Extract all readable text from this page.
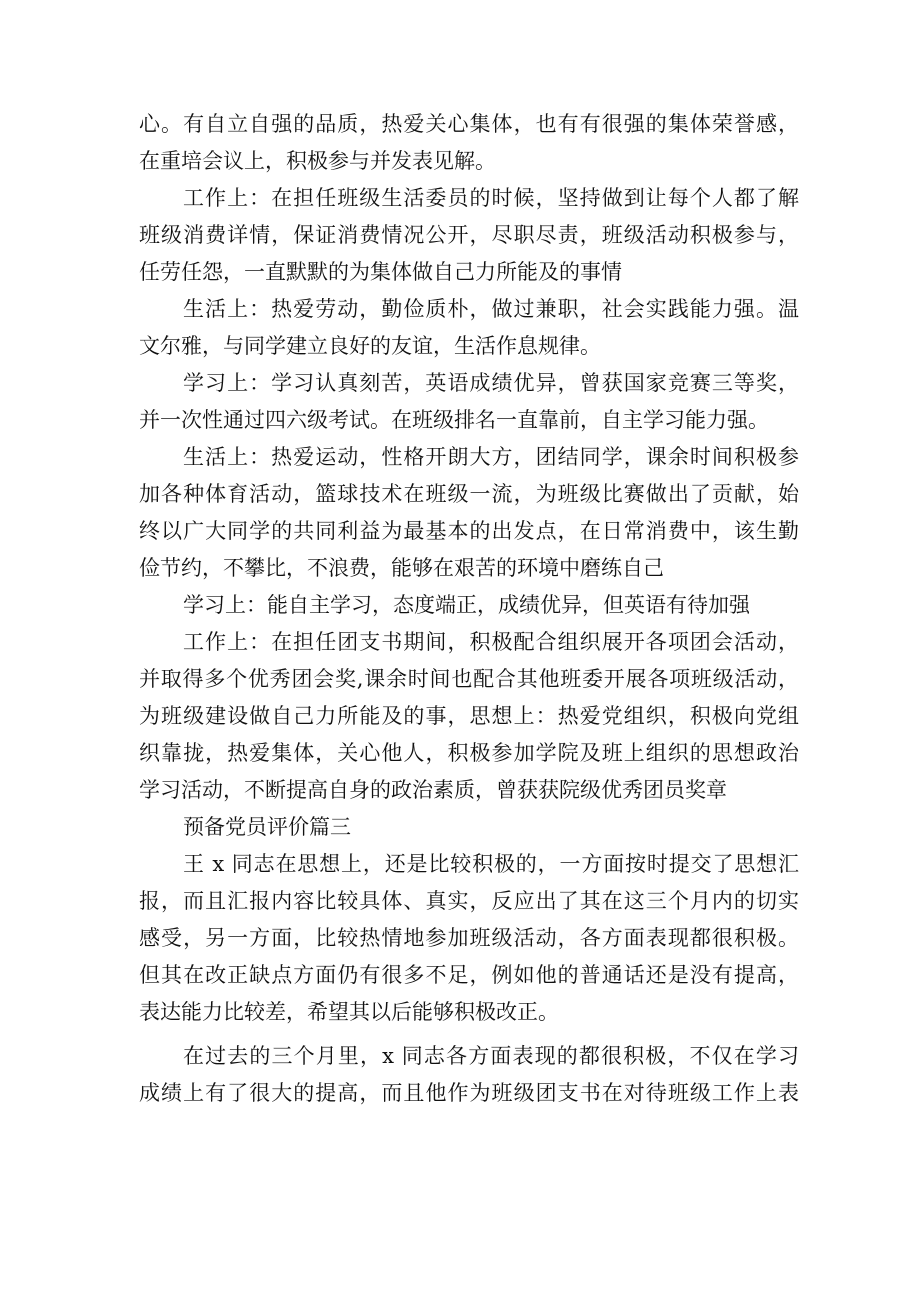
心。有自立自强的品质，热爱关心集体，也有有很强的集体荣誉感，
在重培会议上，积极参与并发表见解。
工作上：在担任班级生活委员的时候，坚持做到让每个人都了解
班级消费详情，保证消费情况公开，尽职尽责，班级活动积极参与，
任劳任怨，一直默默的为集体做自己力所能及的事情
生活上：热爱劳动，勤俭质朴，做过兼职，社会实践能力强。温
文尔雅，与同学建立良好的友谊，生活作息规律。
学习上：学习认真刻苦，英语成绩优异，曾获国家竞赛三等奖，
并一次性通过四六级考试。在班级排名一直靠前，自主学习能力强。
生活上：热爱运动，性格开朗大方，团结同学，课余时间积极参
加各种体育活动，篮球技术在班级一流，为班级比赛做出了贡献，始
终以广大同学的共同利益为最基本的出发点，在日常消费中，该生勤
俭节约，不攀比，不浪费，能够在艰苦的环境中磨练自己
学习上：能自主学习，态度端正，成绩优异，但英语有待加强
工作上：在担任团支书期间，积极配合组织展开各项团会活动，
并取得多个优秀团会奖,课余时间也配合其他班委开展各项班级活动，
为班级建设做自己力所能及的事，思想上：热爱党组织，积极向党组
织靠拢，热爱集体，关心他人，积极参加学院及班上组织的思想政治
学习活动，不断提高自身的政治素质，曾获获院级优秀团员奖章
预备党员评价篇三
王 x 同志在思想上，还是比较积极的，一方面按时提交了思想汇
报，而且汇报内容比较具体、真实，反应出了其在这三个月内的切实
感受，另一方面，比较热情地参加班级活动，各方面表现都很积极。
但其在改正缺点方面仍有很多不足，例如他的普通话还是没有提高，
表达能力比较差，希望其以后能够积极改正。
在过去的三个月里，x 同志各方面表现的都很积极，不仅在学习
成绩上有了很大的提高，而且他作为班级团支书在对待班级工作上表
